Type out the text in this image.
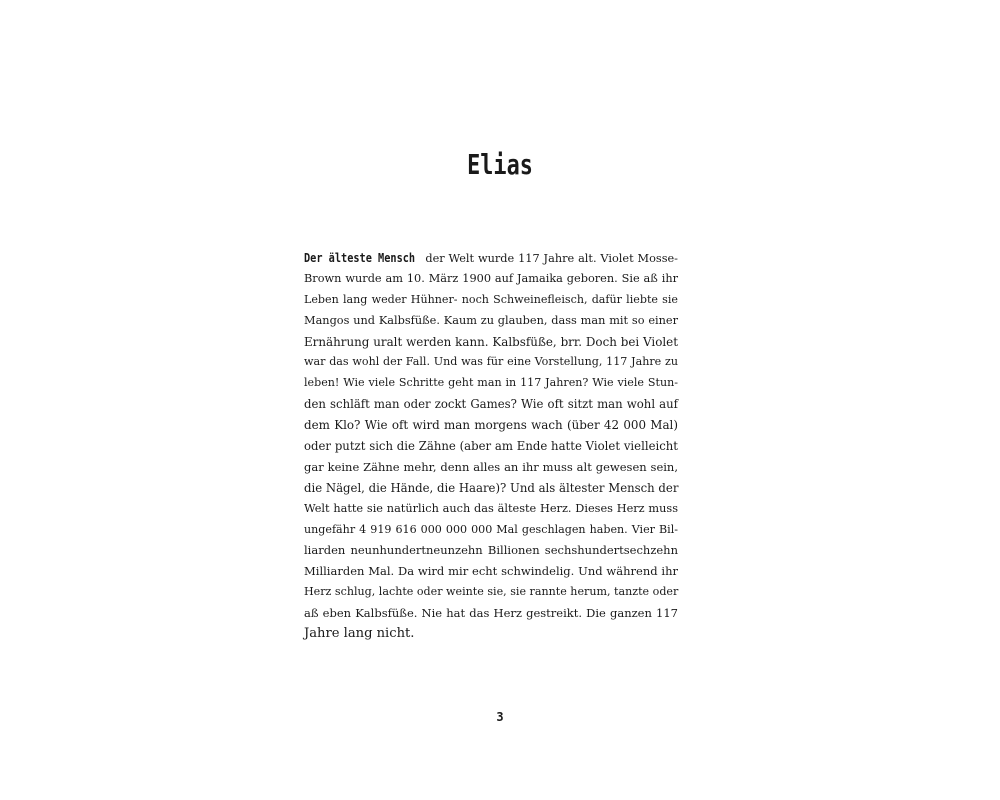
Elias
Der älteste Mensch der Welt wurde 117 Jahre alt. Violet Mosse-
Brown wurde am 10. März 1900 auf Jamaika geboren. Sie aß ihr
Leben lang weder Hühner- noch Schweinefleisch, dafür liebte sie
Mangos und Kalbsfüße. Kaum zu glauben, dass man mit so einer
Ernährung uralt werden kann. Kalbsfüße, brr. Doch bei Violet
war das wohl der Fall. Und was für eine Vorstellung, 117 Jahre zu
leben! Wie viele Schritte geht man in 117 Jahren? Wie viele Stun-
den schläft man oder zockt Games? Wie oft sitzt man wohl auf
dem Klo? Wie oft wird man morgens wach (über 42 000 Mal)
oder putzt sich die Zähne (aber am Ende hatte Violet vielleicht
gar keine Zähne mehr, denn alles an ihr muss alt gewesen sein,
die Nägel, die Hände, die Haare)? Und als ältester Mensch der
Welt hatte sie natürlich auch das älteste Herz. Dieses Herz muss
ungefähr 4 919 616 000 000 000 Mal geschlagen haben. Vier Bil-
liarden neunhundertneunzehn Billionen sechshundertsechzehn
Milliarden Mal. Da wird mir echt schwindelig. Und während ihr
Herz schlug, lachte oder weinte sie, sie rannte herum, tanzte oder
aß eben Kalbsfüße. Nie hat das Herz gestreikt. Die ganzen 117
Jahre lang nicht.
3
